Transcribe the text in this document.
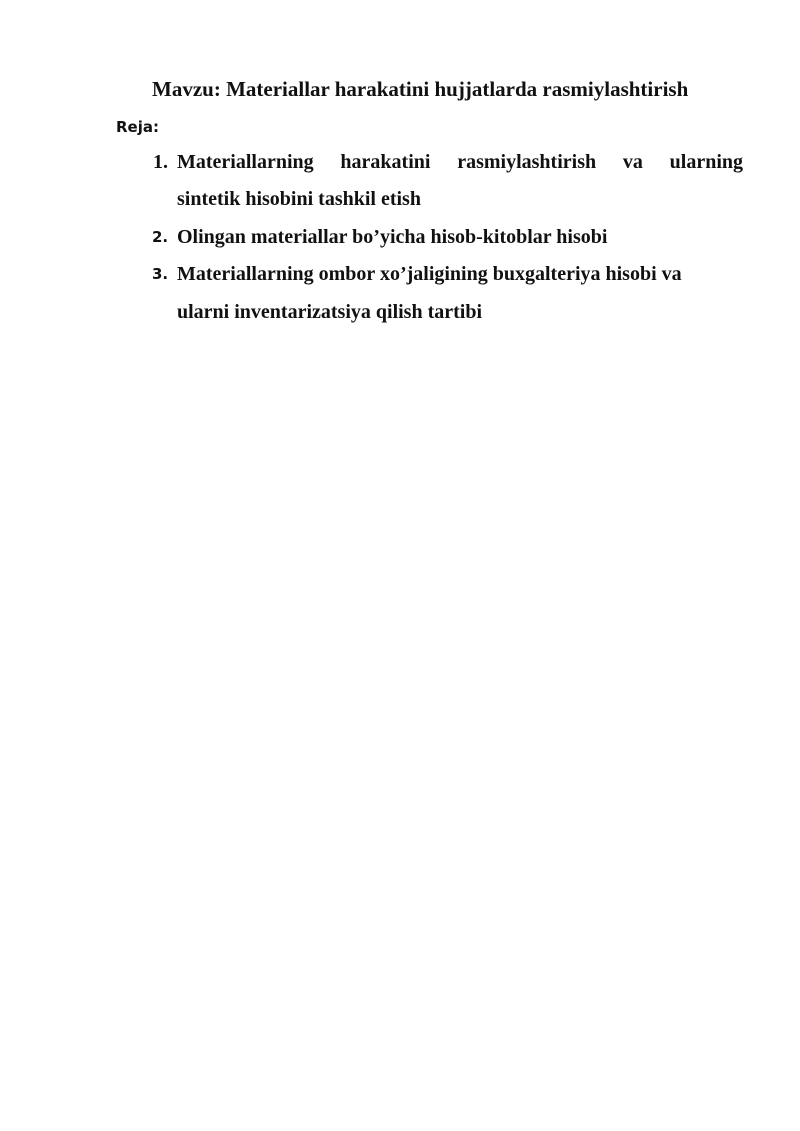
Mavzu: Materiallar harakatini hujjatlarda rasmiylashtirish
Reja:
1. Materiallarning harakatini rasmiylashtirish va ularning
sintetik hisobini tashkil etish
2. Olingan materiallar bo’yicha hisob-kitoblar hisobi
3. Materiallarning ombor xo’jaligining buxgalteriya hisobi va
ularni inventarizatsiya qilish tartibi
